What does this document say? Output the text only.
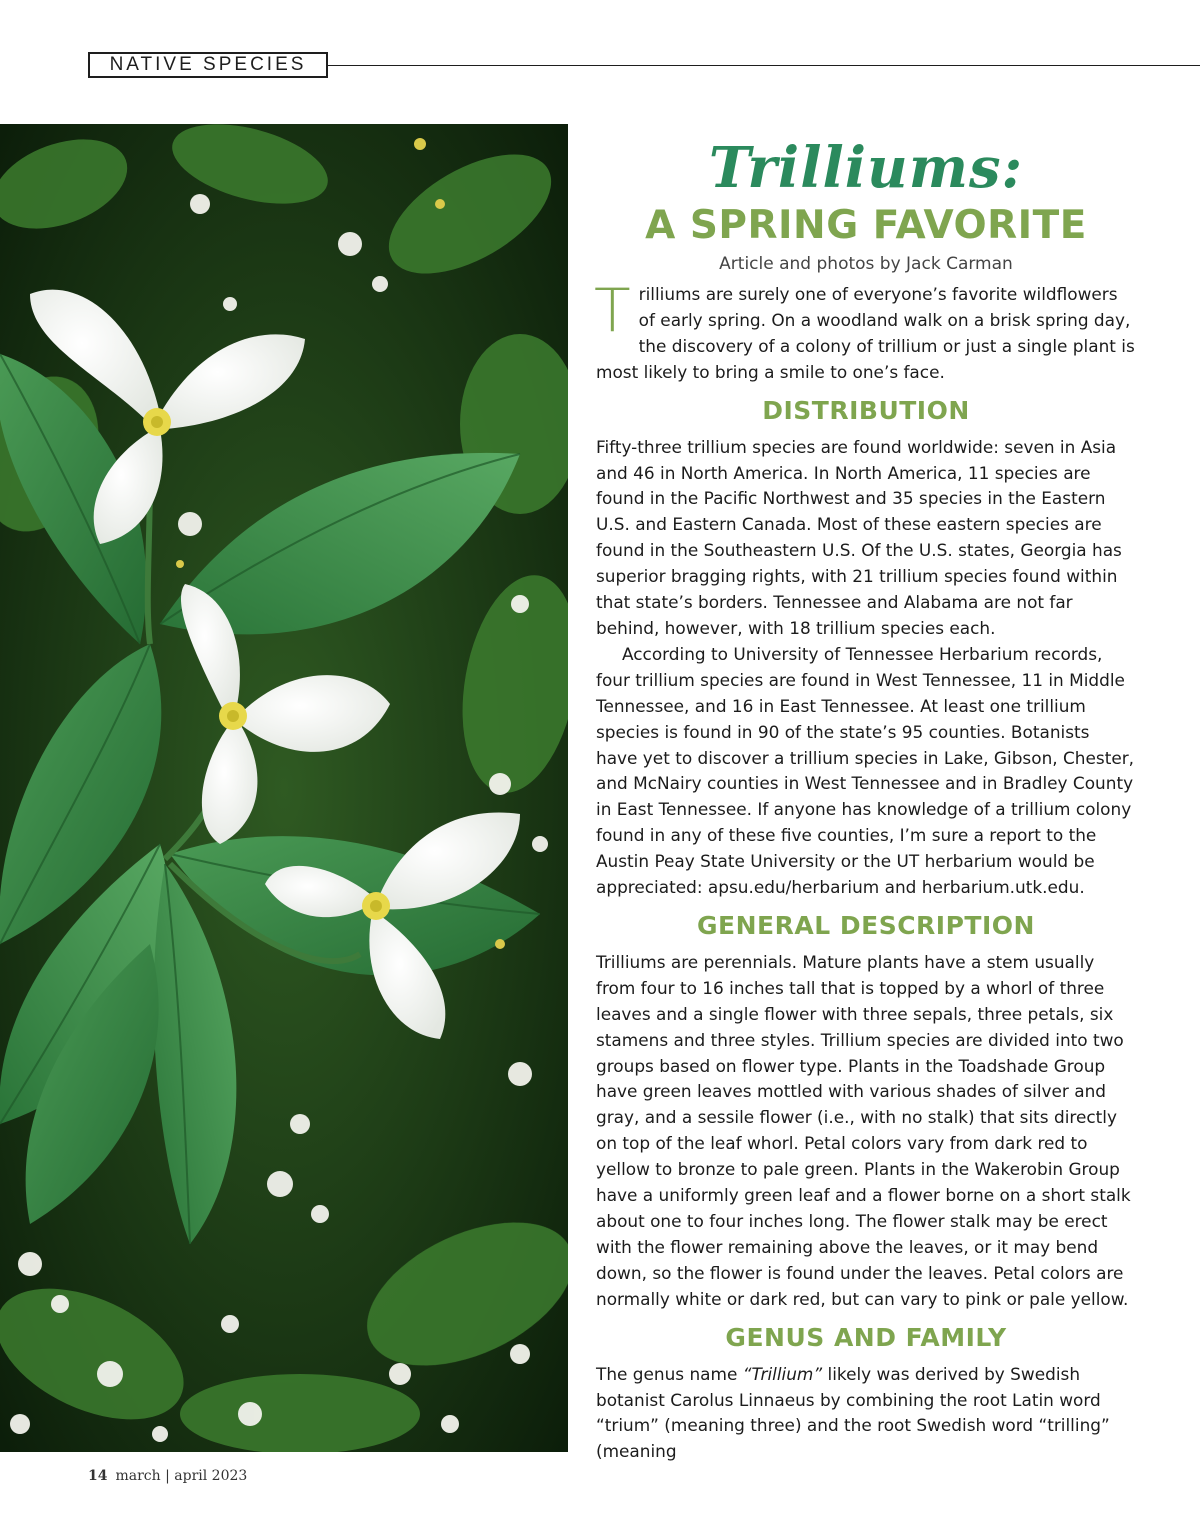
NATIVE SPECIES
Trilliums:
A SPRING FAVORITE
Article and photos by Jack Carman
T rilliums are surely one of everyone’s favorite wildflowers of early spring. On a woodland walk on a brisk spring day, the discovery of a colony of trillium or just a single plant is most likely to bring a smile to one’s face.

DISTRIBUTION

Fifty-three trillium species are found worldwide: seven in Asia and 46 in North America. In North America, 11 species are found in the Pacific Northwest and 35 species in the Eastern U.S. and Eastern Canada. Most of these eastern species are found in the Southeastern U.S. Of the U.S. states, Georgia has superior bragging rights, with 21 trillium species found within that state’s borders. Tennessee and Alabama are not far behind, however, with 18 trillium species each.

According to University of Tennessee Herbarium records, four trillium species are found in West Tennessee, 11 in Middle Tennessee, and 16 in East Tennessee. At least one trillium species is found in 90 of the state’s 95 counties. Botanists have yet to discover a trillium species in Lake, Gibson, Chester, and McNairy counties in West Tennessee and in Bradley County in East Tennessee. If anyone has knowledge of a trillium colony found in any of these five counties, I’m sure a report to the Austin Peay State University or the UT herbarium would be appreciated: apsu.edu/herbarium and herbarium.utk.edu.

GENERAL DESCRIPTION

Trilliums are perennials. Mature plants have a stem usually from four to 16 inches tall that is topped by a whorl of three leaves and a single flower with three sepals, three petals, six stamens and three styles. Trillium species are divided into two groups based on flower type. Plants in the Toadshade Group have green leaves mottled with various shades of silver and gray, and a sessile flower (i.e., with no stalk) that sits directly on top of the leaf whorl. Petal colors vary from dark red to yellow to bronze to pale green. Plants in the Wakerobin Group have a uniformly green leaf and a flower borne on a short stalk about one to four inches long. The flower stalk may be erect with the flower remaining above the leaves, or it may bend down, so the flower is found under the leaves. Petal colors are normally white or dark red, but can vary to pink or pale yellow.

GENUS AND FAMILY

The genus name “Trillium” likely was derived by Swedish botanist Carolus Linnaeus by combining the root Latin word “trium” (meaning three) and the root Swedish word “trilling” (meaning

14 march | april 2023
